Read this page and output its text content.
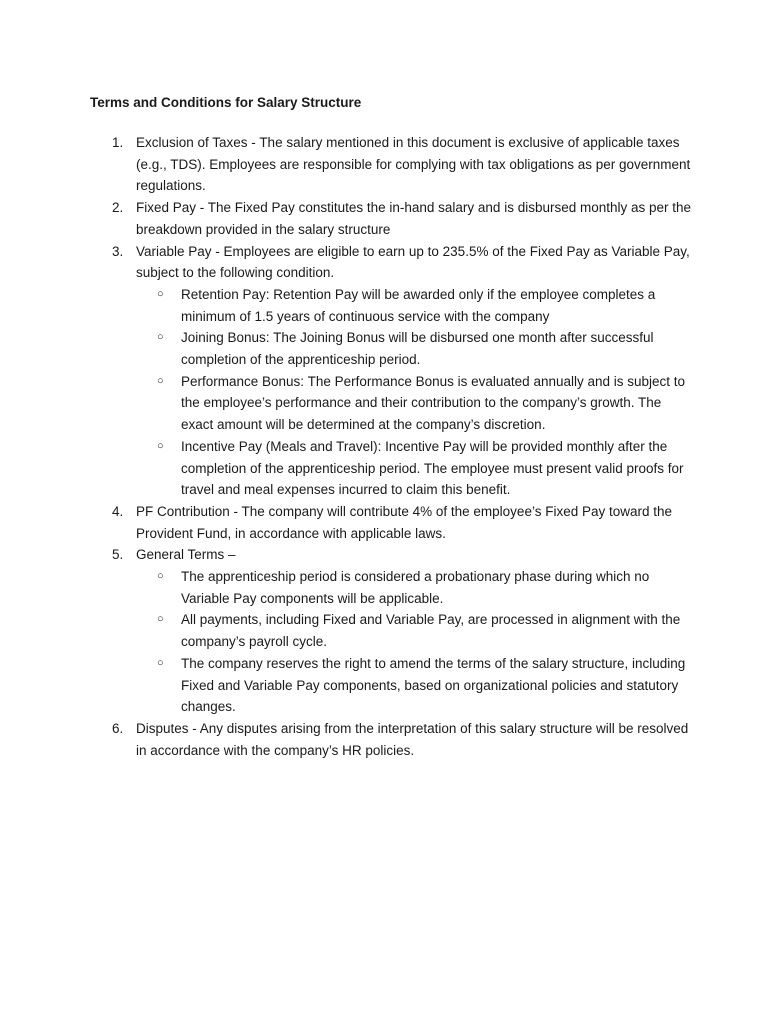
Terms and Conditions for Salary Structure
1. Exclusion of Taxes - The salary mentioned in this document is exclusive of applicable taxes (e.g., TDS). Employees are responsible for complying with tax obligations as per government regulations.
2. Fixed Pay - The Fixed Pay constitutes the in-hand salary and is disbursed monthly as per the breakdown provided in the salary structure
3. Variable Pay - Employees are eligible to earn up to 235.5% of the Fixed Pay as Variable Pay, subject to the following condition.
○ Retention Pay: Retention Pay will be awarded only if the employee completes a minimum of 1.5 years of continuous service with the company
○ Joining Bonus: The Joining Bonus will be disbursed one month after successful completion of the apprenticeship period.
○ Performance Bonus: The Performance Bonus is evaluated annually and is subject to the employee’s performance and their contribution to the company’s growth. The exact amount will be determined at the company’s discretion.
○ Incentive Pay (Meals and Travel): Incentive Pay will be provided monthly after the completion of the apprenticeship period. The employee must present valid proofs for travel and meal expenses incurred to claim this benefit.
4. PF Contribution - The company will contribute 4% of the employee’s Fixed Pay toward the Provident Fund, in accordance with applicable laws.
5. General Terms –
○ The apprenticeship period is considered a probationary phase during which no Variable Pay components will be applicable.
○ All payments, including Fixed and Variable Pay, are processed in alignment with the company’s payroll cycle.
○ The company reserves the right to amend the terms of the salary structure, including Fixed and Variable Pay components, based on organizational policies and statutory changes.
6. Disputes - Any disputes arising from the interpretation of this salary structure will be resolved in accordance with the company’s HR policies.
